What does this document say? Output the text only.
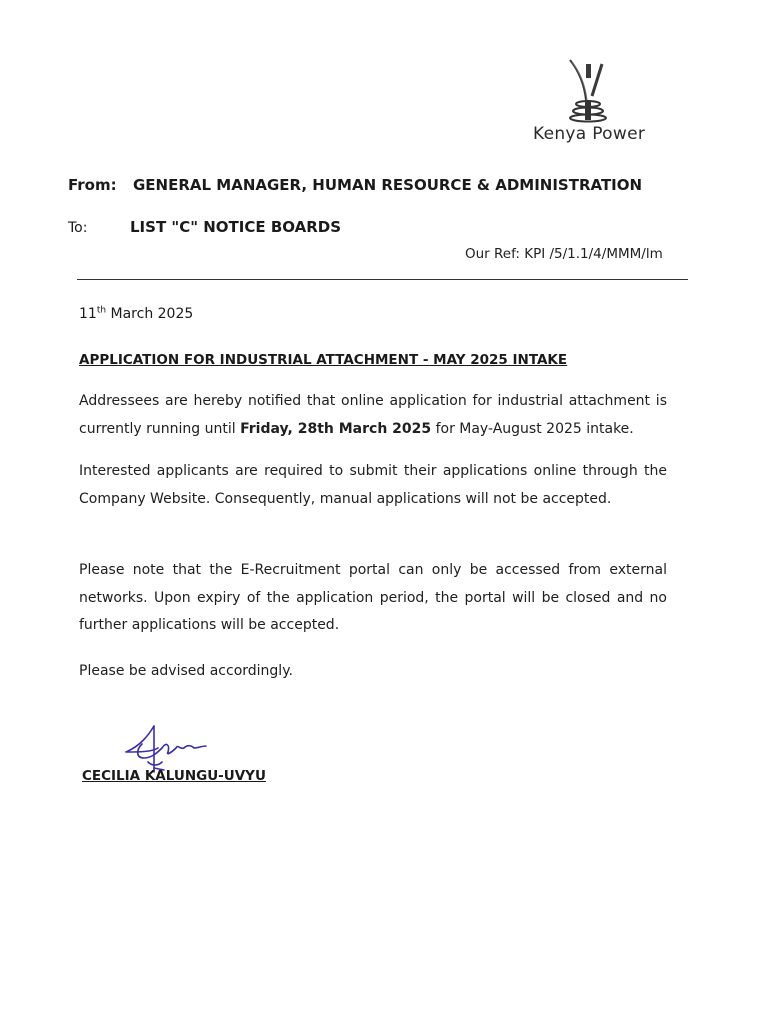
Kenya Power
From: GENERAL MANAGER, HUMAN RESOURCE & ADMINISTRATION
To:	LIST "C" NOTICE BOARDS
Our Ref: KPI /5/1.1/4/MMM/lm
11th March 2025
APPLICATION FOR INDUSTRIAL ATTACHMENT - MAY 2025 INTAKE
Addressees are hereby notified that online application for industrial attachment is currently running until Friday, 28th March 2025 for May-August 2025 intake.
Interested applicants are required to submit their applications online through the Company Website. Consequently, manual applications will not be accepted.
Please note that the E-Recruitment portal can only be accessed from external networks. Upon expiry of the application period, the portal will be closed and no further applications will be accepted.
Please be advised accordingly.
CECILIA KALUNGU-UVYU
